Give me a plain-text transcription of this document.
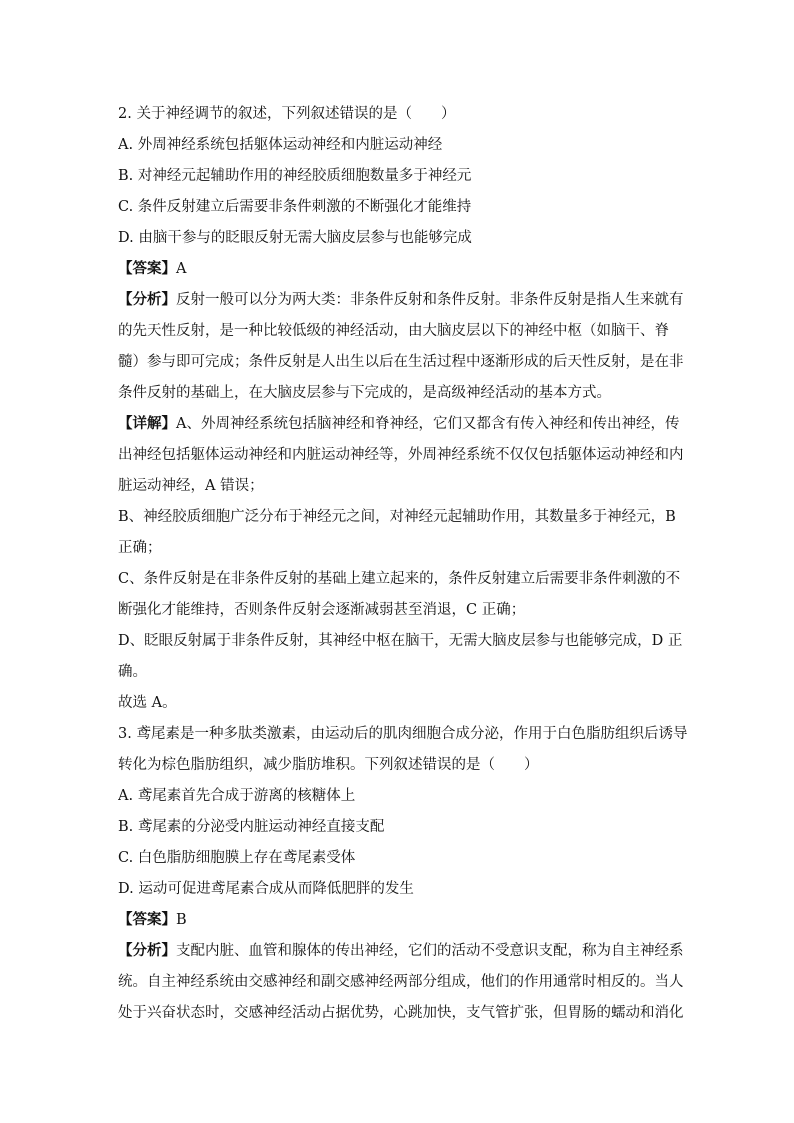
2. 关于神经调节的叙述，下列叙述错误的是（　　）
A. 外周神经系统包括躯体运动神经和内脏运动神经
B. 对神经元起辅助作用的神经胶质细胞数量多于神经元
C. 条件反射建立后需要非条件刺激的不断强化才能维持
D. 由脑干参与的眨眼反射无需大脑皮层参与也能够完成
【答案】A
【分析】反射一般可以分为两大类：非条件反射和条件反射。非条件反射是指人生来就有
的先天性反射，是一种比较低级的神经活动，由大脑皮层以下的神经中枢（如脑干、脊
髓）参与即可完成；条件反射是人出生以后在生活过程中逐渐形成的后天性反射，是在非
条件反射的基础上，在大脑皮层参与下完成的，是高级神经活动的基本方式。
【详解】A、外周神经系统包括脑神经和脊神经，它们又都含有传入神经和传出神经，传
出神经包括躯体运动神经和内脏运动神经等，外周神经系统不仅仅包括躯体运动神经和内
脏运动神经，A 错误；
B、神经胶质细胞广泛分布于神经元之间，对神经元起辅助作用，其数量多于神经元，B
正确；
C、条件反射是在非条件反射的基础上建立起来的，条件反射建立后需要非条件刺激的不
断强化才能维持，否则条件反射会逐渐减弱甚至消退，C 正确；
D、眨眼反射属于非条件反射，其神经中枢在脑干，无需大脑皮层参与也能够完成，D 正
确。
故选 A。
3. 鸢尾素是一种多肽类激素，由运动后的肌肉细胞合成分泌，作用于白色脂肪组织后诱导
转化为棕色脂肪组织，减少脂肪堆积。下列叙述错误的是（　　）
A. 鸢尾素首先合成于游离的核糖体上
B. 鸢尾素的分泌受内脏运动神经直接支配
C. 白色脂肪细胞膜上存在鸢尾素受体
D. 运动可促进鸢尾素合成从而降低肥胖的发生
【答案】B
【分析】支配内脏、血管和腺体的传出神经，它们的活动不受意识支配，称为自主神经系
统。自主神经系统由交感神经和副交感神经两部分组成，他们的作用通常时相反的。当人
处于兴奋状态时，交感神经活动占据优势，心跳加快，支气管扩张，但胃肠的蠕动和消化
